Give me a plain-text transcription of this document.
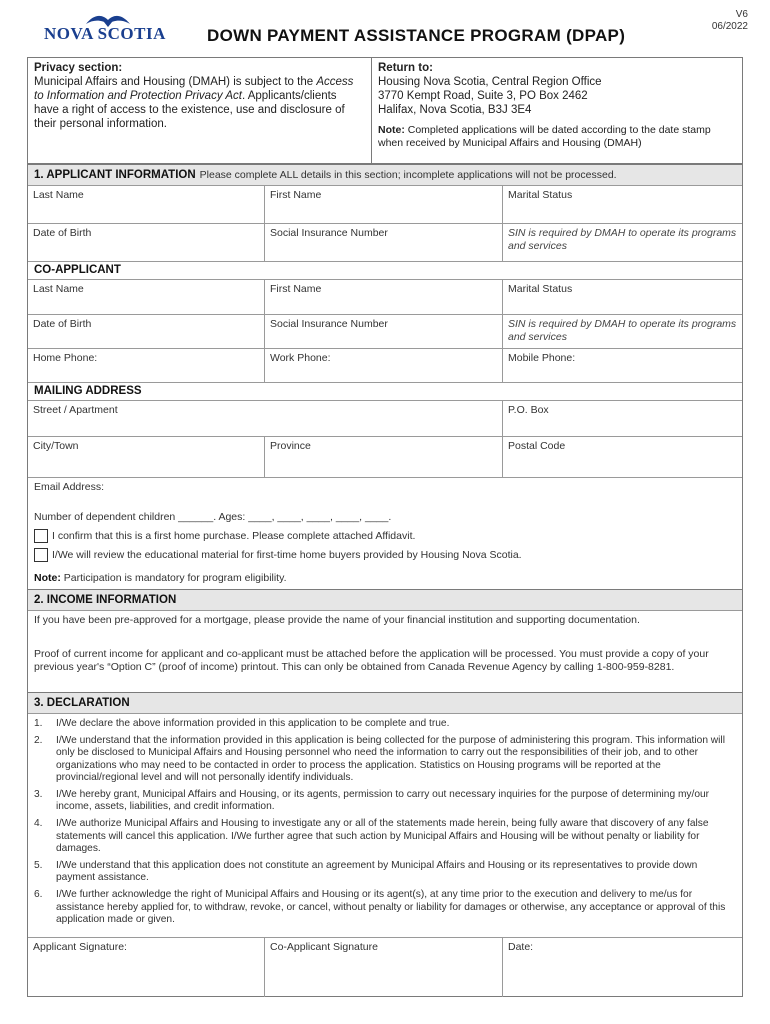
NOVA SCOTIA DOWN PAYMENT ASSISTANCE PROGRAM (DPAP)
V6
06/2022
Privacy section:
Municipal Affairs and Housing (DMAH) is subject to the Access to Information and Protection Privacy Act. Applicants/clients have a right of access to the existence, use and disclosure of their personal information.
Return to:
Housing Nova Scotia, Central Region Office
3770 Kempt Road, Suite 3, PO Box 2462
Halifax, Nova Scotia, B3J 3E4
Note: Completed applications will be dated according to the date stamp when received by Municipal Affairs and Housing (DMAH)
1. APPLICANT INFORMATION Please complete ALL details in this section; incomplete applications will not be processed.
Last Name	First Name	Marital Status
Date of Birth	Social Insurance Number	SIN is required by DMAH to operate its programs and services
CO-APPLICANT
Last Name	First Name	Marital Status
Date of Birth	Social Insurance Number	SIN is required by DMAH to operate its programs and services
Home Phone:	Work Phone:	Mobile Phone:
MAILING ADDRESS
Street / Apartment	P.O. Box
City/Town	Province	Postal Code
Email Address:
Number of dependent children ______. Ages: ____, ____, ____, ____, ____.
I confirm that this is a first home purchase. Please complete attached Affidavit.
I/We will review the educational material for first-time home buyers provided by Housing Nova Scotia.
Note: Participation is mandatory for program eligibility.
2. INCOME INFORMATION
If you have been pre-approved for a mortgage, please provide the name of your financial institution and supporting documentation.
Proof of current income for applicant and co-applicant must be attached before the application will be processed. You must provide a copy of your previous year's “Option C” (proof of income) printout. This can only be obtained from Canada Revenue Agency by calling 1-800-959-8281.
3. DECLARATION
1.	I/We declare the above information provided in this application to be complete and true.
2.	I/We understand that the information provided in this application is being collected for the purpose of administering this program. This information will only be disclosed to Municipal Affairs and Housing personnel who need the information to carry out the responsibilities of their job, and to other organizations who may need to be contacted in order to process the application. Statistics on Housing programs will be reported at the provincial/regional level and will not personally identify individuals.
3.	I/We hereby grant, Municipal Affairs and Housing, or its agents, permission to carry out necessary inquiries for the purpose of determining my/our income, assets, liabilities, and credit information.
4.	I/We authorize Municipal Affairs and Housing to investigate any or all of the statements made herein, being fully aware that discovery of any false statements will cancel this application. I/We further agree that such action by Municipal Affairs and Housing will be without penalty or liability for damages.
5.	I/We understand that this application does not constitute an agreement by Municipal Affairs and Housing or its representatives to provide down payment assistance.
6.	I/We further acknowledge the right of Municipal Affairs and Housing or its agent(s), at any time prior to the execution and delivery to me/us for assistance hereby applied for, to withdraw, revoke, or cancel, without penalty or liability for damages or otherwise, any acceptance or approval of this application made or given.
Applicant Signature:	Co-Applicant Signature	Date:
